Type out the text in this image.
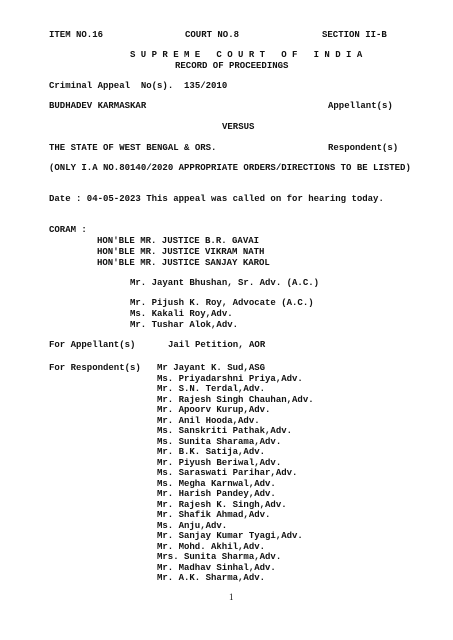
ITEM NO.16	COURT NO.8	SECTION II-B
S U P R E M E   C O U R T   O F   I N D I A
RECORD OF PROCEEDINGS
Criminal Appeal  No(s).  135/2010
BUDHADEV KARMASKAR	Appellant(s)
VERSUS
THE STATE OF WEST BENGAL & ORS.	Respondent(s)
(ONLY I.A NO.80140/2020 APPROPRIATE ORDERS/DIRECTIONS TO BE LISTED)
Date : 04-05-2023 This appeal was called on for hearing today.
CORAM :
HON'BLE MR. JUSTICE B.R. GAVAI
HON'BLE MR. JUSTICE VIKRAM NATH
HON'BLE MR. JUSTICE SANJAY KAROL
Mr. Jayant Bhushan, Sr. Adv. (A.C.)
Mr. Pijush K. Roy, Advocate (A.C.)
Ms. Kakali Roy,Adv.
Mr. Tushar Alok,Adv.
For Appellant(s)	Jail Petition, AOR
For Respondent(s) Mr Jayant K. Sud,ASG
Ms. Priyadarshni Priya,Adv.
Mr. S.N. Terdal,Adv.
Mr. Rajesh Singh Chauhan,Adv.
Mr. Apoorv Kurup,Adv.
Mr. Anil Hooda,Adv.
Ms. Sanskriti Pathak,Adv.
Ms. Sunita Sharama,Adv.
Mr. B.K. Satija,Adv.
Mr. Piyush Beriwal,Adv.
Ms. Saraswati Parihar,Adv.
Ms. Megha Karnwal,Adv.
Mr. Harish Pandey,Adv.
Mr. Rajesh K. Singh,Adv.
Mr. Shafik Ahmad,Adv.
Ms. Anju,Adv.
Mr. Sanjay Kumar Tyagi,Adv.
Mr. Mohd. Akhil,Adv.
Mrs. Sunita Sharma,Adv.
Mr. Madhav Sinhal,Adv.
Mr. A.K. Sharma,Adv.
1
